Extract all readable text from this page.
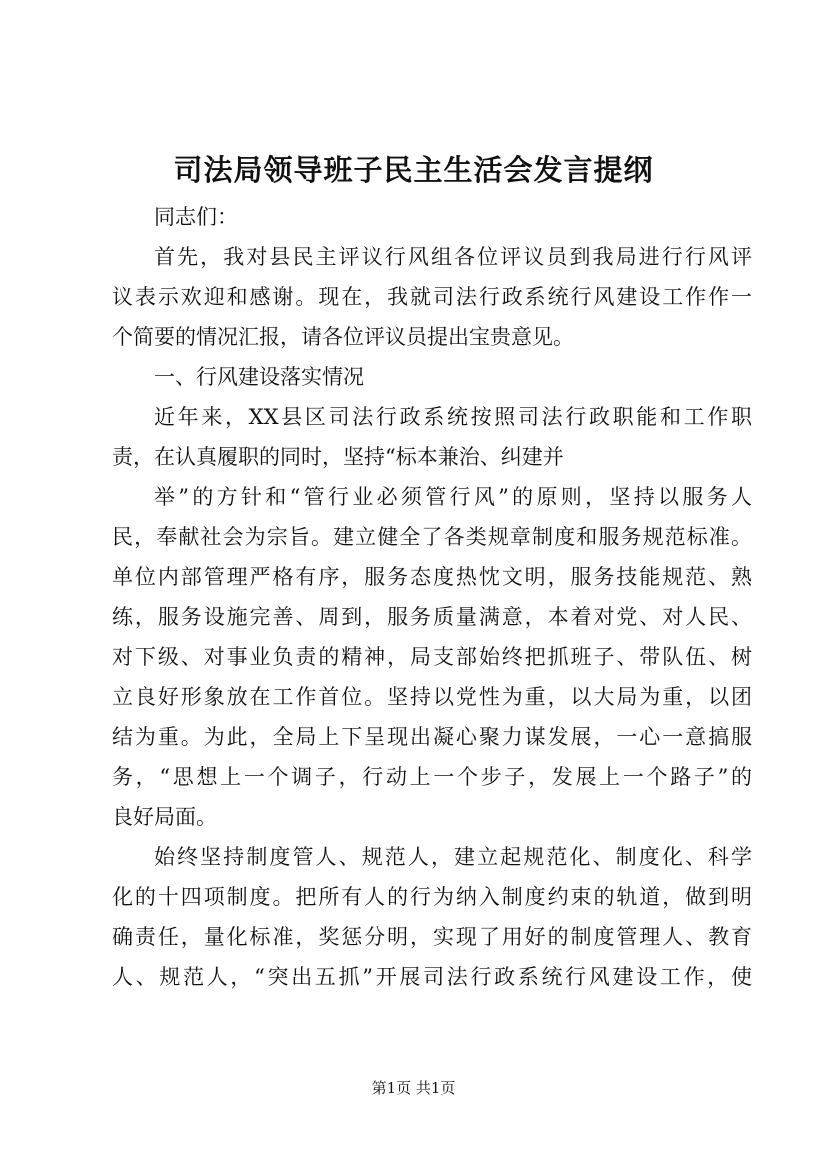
司法局领导班子民主生活会发言提纲
同志们：
首先，我对县民主评议行风组各位评议员到我局进行行风评
议表示欢迎和感谢。现在，我就司法行政系统行风建设工作作一
个简要的情况汇报，请各位评议员提出宝贵意见。
一、行风建设落实情况
近年来，XX县区司法行政系统按照司法行政职能和工作职
责，在认真履职的同时，坚持“标本兼治、纠建并
举”的方针和“管行业必须管行风”的原则，坚持以服务人
民，奉献社会为宗旨。建立健全了各类规章制度和服务规范标准。
单位内部管理严格有序，服务态度热忱文明，服务技能规范、熟
练，服务设施完善、周到，服务质量满意，本着对党、对人民、
对下级、对事业负责的精神，局支部始终把抓班子、带队伍、树
立良好形象放在工作首位。坚持以党性为重，以大局为重，以团
结为重。为此，全局上下呈现出凝心聚力谋发展，一心一意搞服
务，“思想上一个调子，行动上一个步子，发展上一个路子”的
良好局面。
始终坚持制度管人、规范人，建立起规范化、制度化、科学
化的十四项制度。把所有人的行为纳入制度约束的轨道，做到明
确责任，量化标准，奖惩分明，实现了用好的制度管理人、教育
人、规范人，“突出五抓”开展司法行政系统行风建设工作，使
第1页 共1页
